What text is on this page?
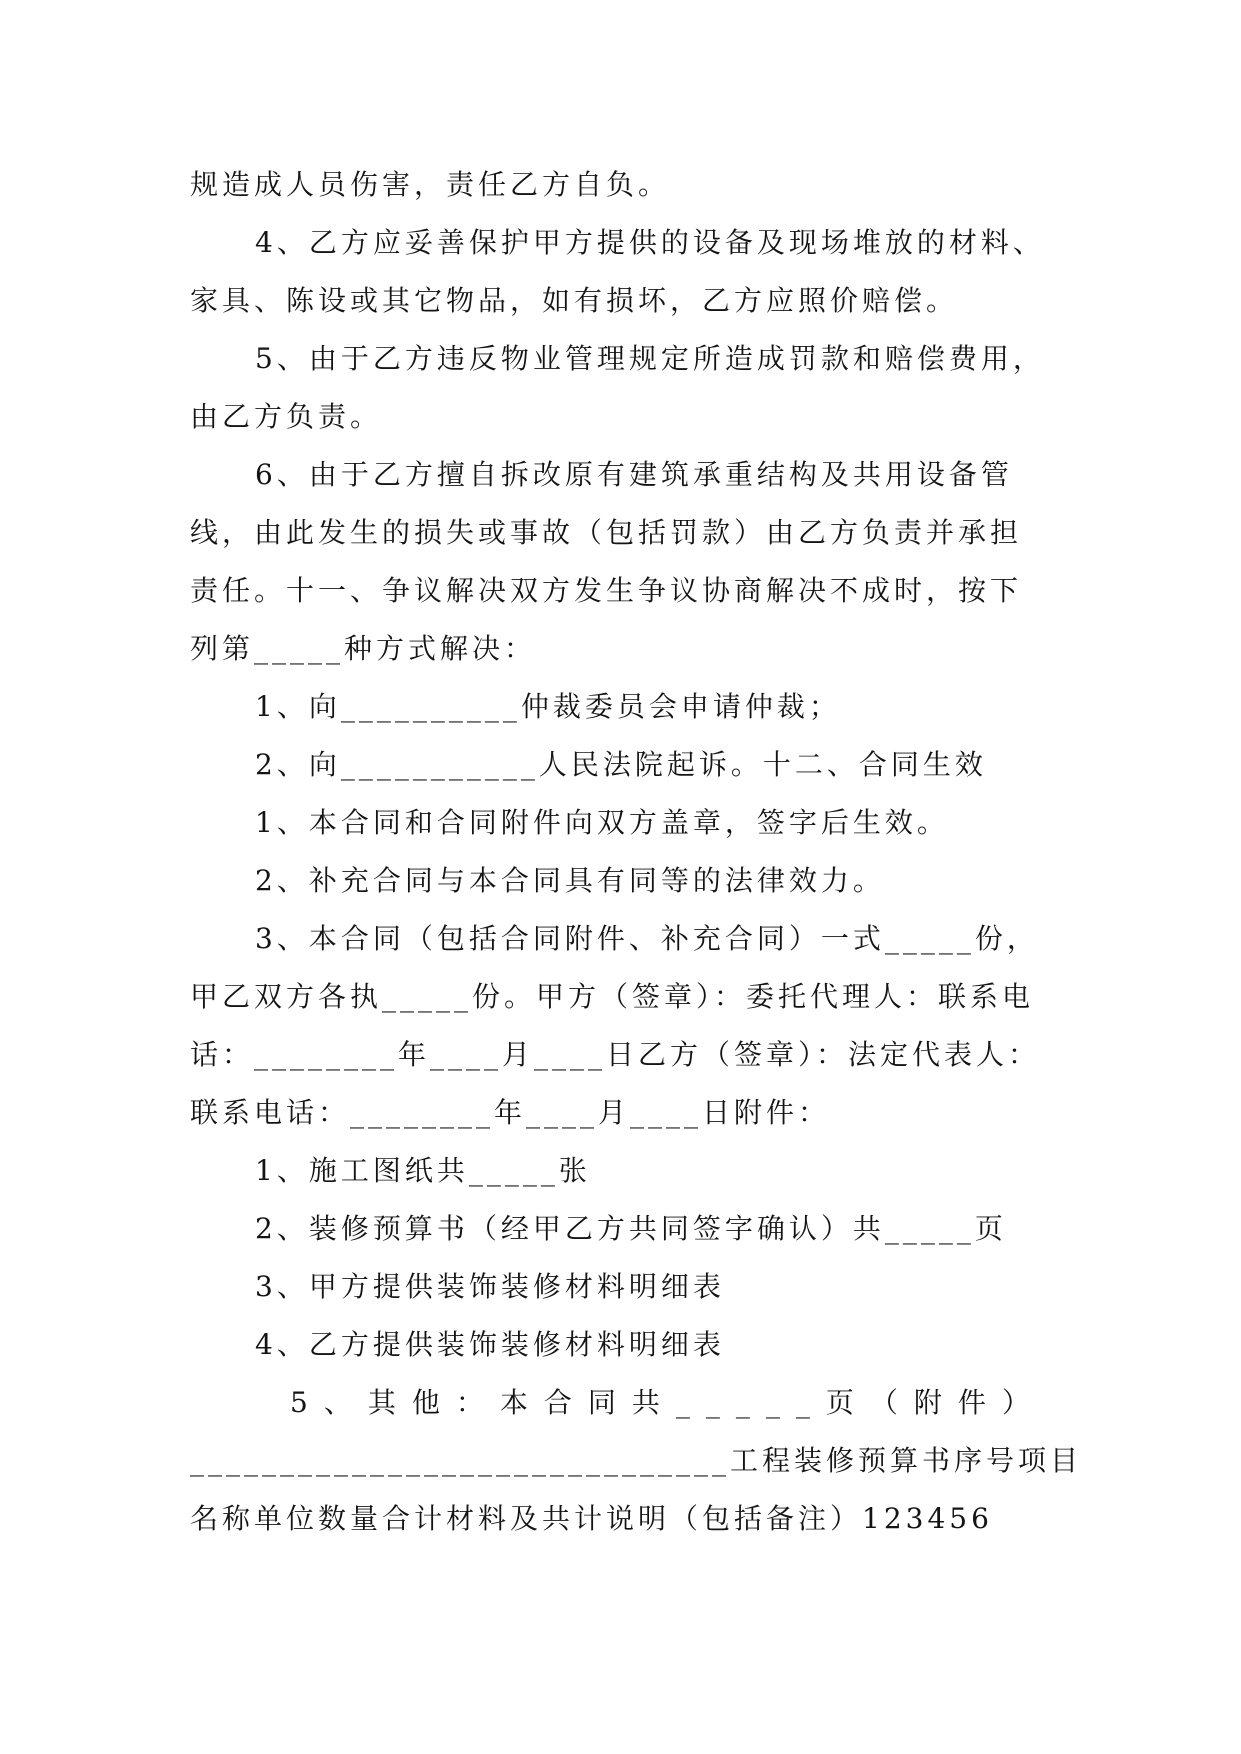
规造成人员伤害，责任乙方自负。
4、乙方应妥善保护甲方提供的设备及现场堆放的材料、
家具、陈设或其它物品，如有损坏，乙方应照价赔偿。
5、由于乙方违反物业管理规定所造成罚款和赔偿费用，
由乙方负责。
6、由于乙方擅自拆改原有建筑承重结构及共用设备管
线，由此发生的损失或事故（包括罚款）由乙方负责并承担
责任。十一、争议解决双方发生争议协商解决不成时，按下
列第_____种方式解决：
1、向__________仲裁委员会申请仲裁；
2、向___________人民法院起诉。十二、合同生效
1、本合同和合同附件向双方盖章，签字后生效。
2、补充合同与本合同具有同等的法律效力。
3、本合同（包括合同附件、补充合同）一式_____份，
甲乙双方各执_____份。甲方（签章）：委托代理人：联系电
话：________年____月____日乙方（签章）：法定代表人：
联系电话：________年____月____日附件：
1、施工图纸共_____张
2、装修预算书（经甲乙方共同签字确认）共_____页
3、甲方提供装饰装修材料明细表
4、乙方提供装饰装修材料明细表
5、其他：本合同共_____页（附件）
______________________________工程装修预算书序号项目
名称单位数量合计材料及共计说明（包括备注）123456
